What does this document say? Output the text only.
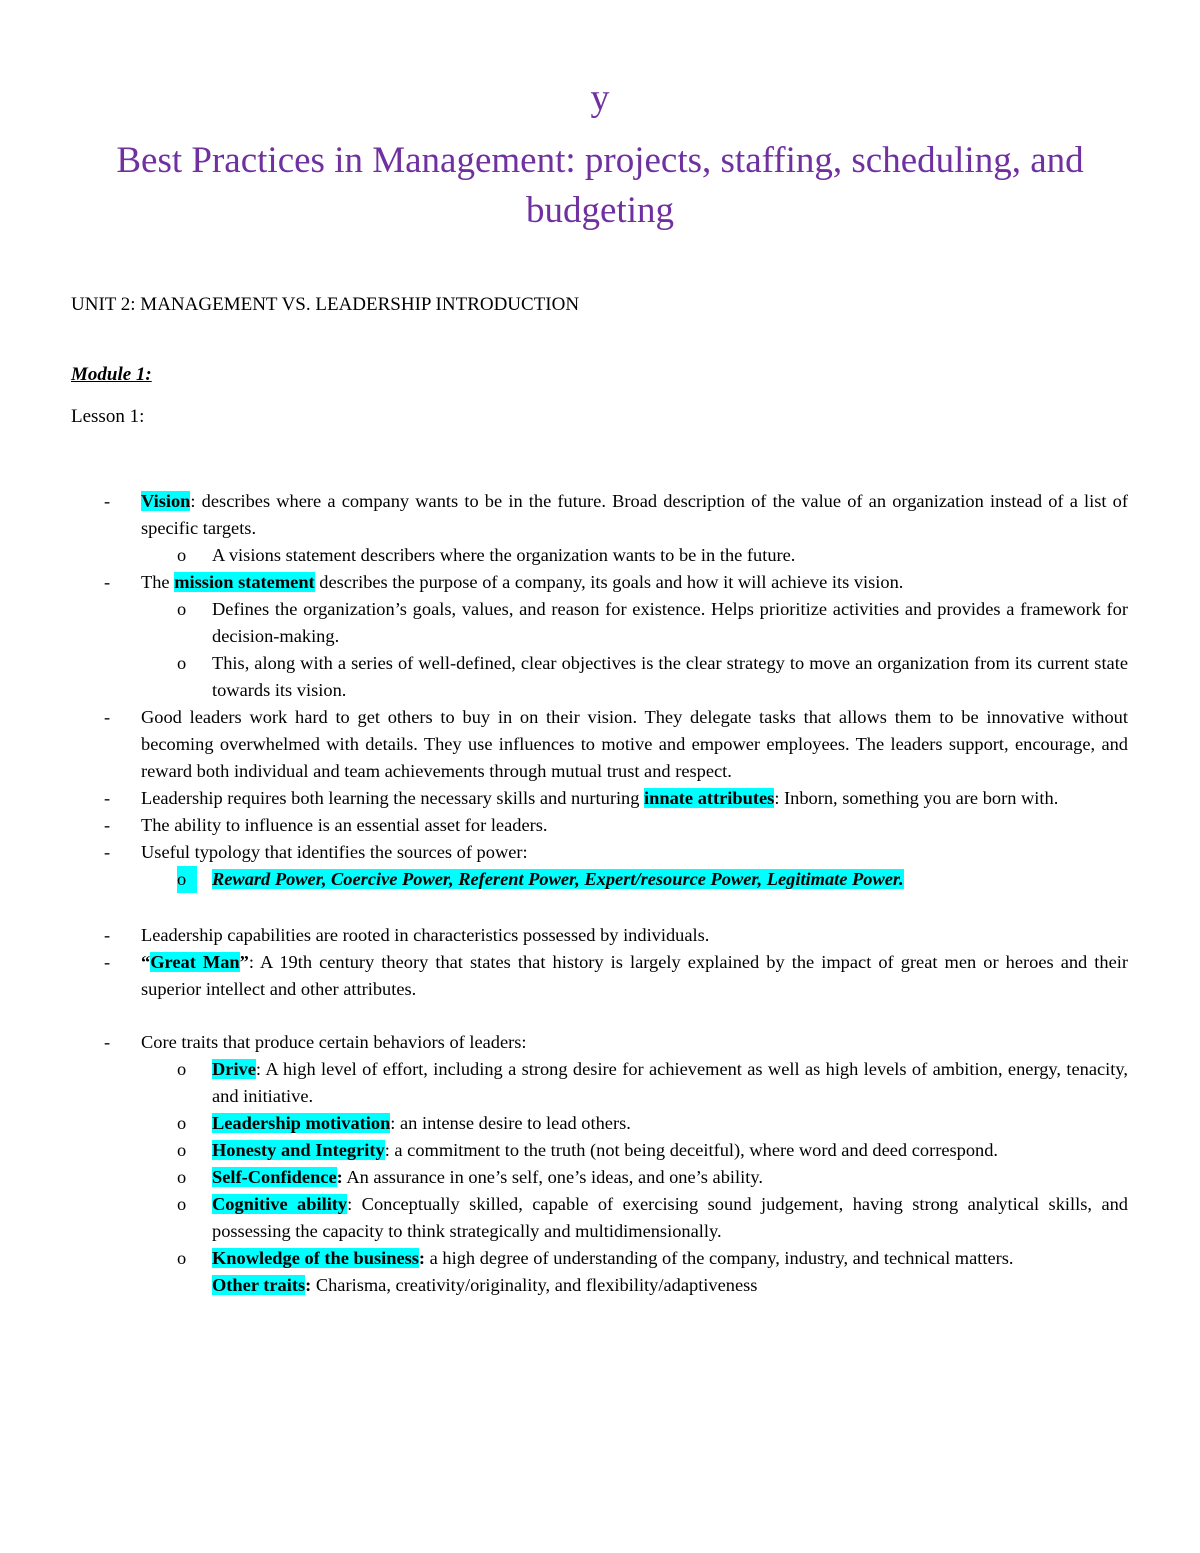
y
Best Practices in Management: projects, staffing, scheduling, and budgeting
UNIT 2: MANAGEMENT VS. LEADERSHIP INTRODUCTION
Module 1:
Lesson 1:
-	Vision: describes where a company wants to be in the future. Broad description of the value of an organization instead of a list of specific targets.
o	A visions statement describers where the organization wants to be in the future.
-	The mission statement describes the purpose of a company, its goals and how it will achieve its vision.
o	Defines the organization’s goals, values, and reason for existence. Helps prioritize activities and provides a framework for decision-making.
o	This, along with a series of well-defined, clear objectives is the clear strategy to move an organization from its current state towards its vision.
-	Good leaders work hard to get others to buy in on their vision. They delegate tasks that allows them to be innovative without becoming overwhelmed with details. They use influences to motive and empower employees. The leaders support, encourage, and reward both individual and team achievements through mutual trust and respect.
-	Leadership requires both learning the necessary skills and nurturing innate attributes: Inborn, something you are born with.
-	The ability to influence is an essential asset for leaders.
-	Useful typology that identifies the sources of power:
o	Reward Power, Coercive Power, Referent Power, Expert/resource Power, Legitimate Power.
-	Leadership capabilities are rooted in characteristics possessed by individuals.
-	“Great Man”: A 19th century theory that states that history is largely explained by the impact of great men or heroes and their superior intellect and other attributes.
-	Core traits that produce certain behaviors of leaders:
o	Drive: A high level of effort, including a strong desire for achievement as well as high levels of ambition, energy, tenacity, and initiative.
o	Leadership motivation: an intense desire to lead others.
o	Honesty and Integrity: a commitment to the truth (not being deceitful), where word and deed correspond.
o	Self-Confidence: An assurance in one’s self, one’s ideas, and one’s ability.
o	Cognitive ability: Conceptually skilled, capable of exercising sound judgement, having strong analytical skills, and possessing the capacity to think strategically and multidimensionally.
o	Knowledge of the business: a high degree of understanding of the company, industry, and technical matters.
Other traits: Charisma, creativity/originality, and flexibility/adaptiveness
